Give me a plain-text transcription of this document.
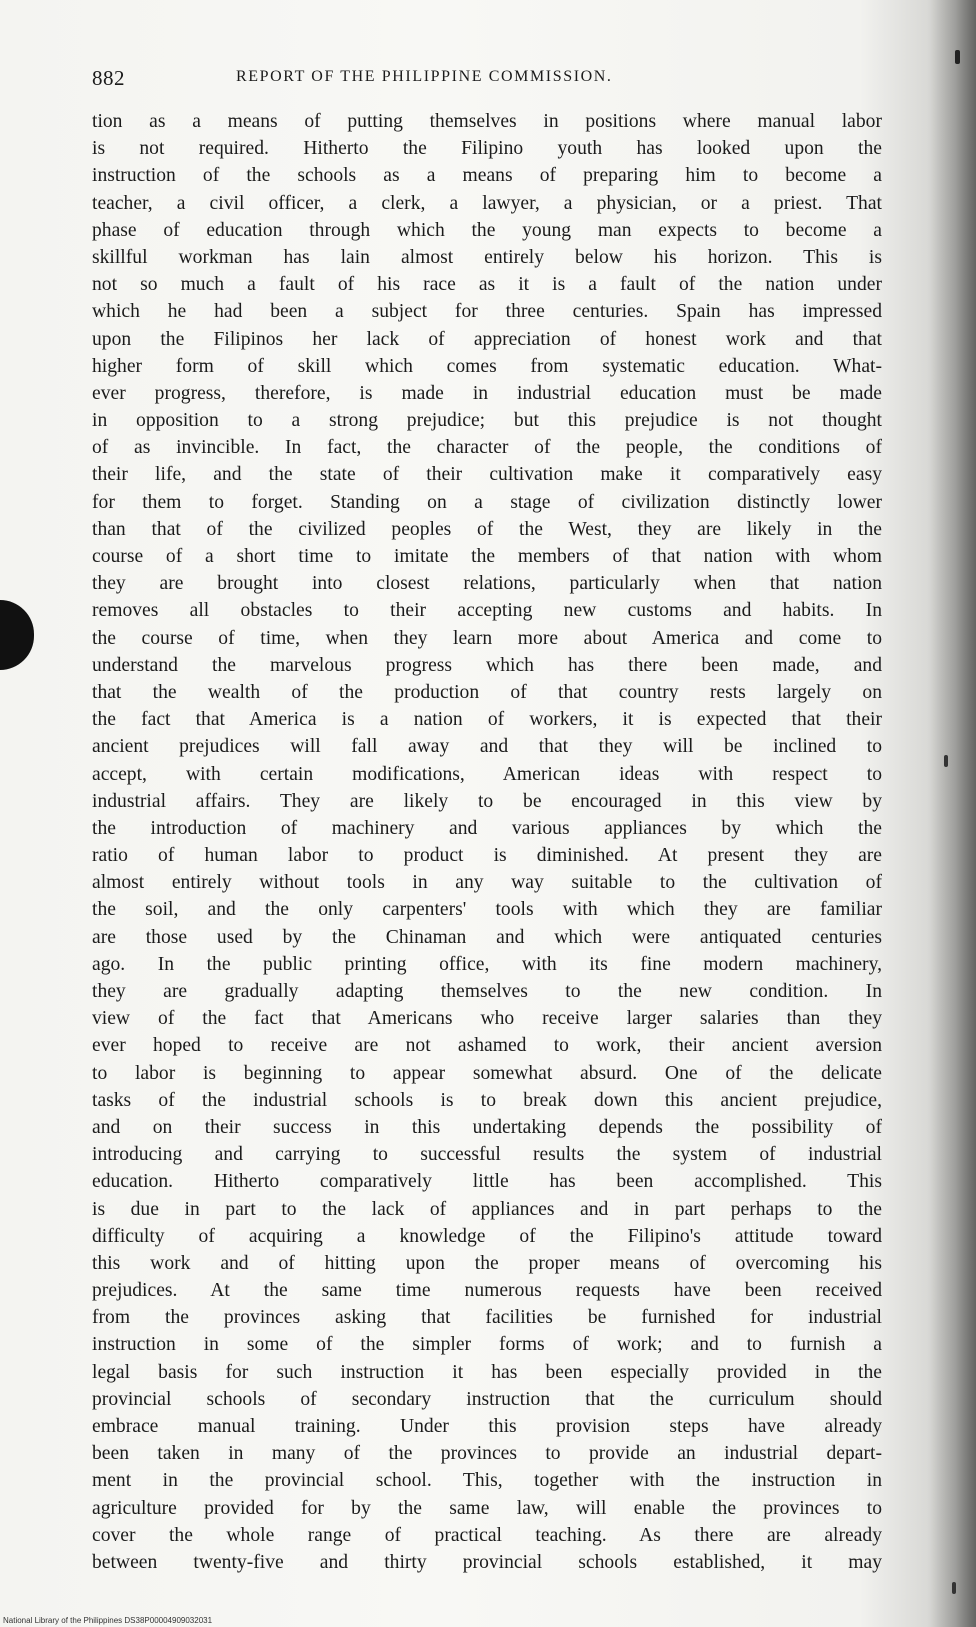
882	REPORT OF THE PHILIPPINE COMMISSION.
tion as a means of putting themselves in positions where manual labor
is not required. Hitherto the Filipino youth has looked upon the
instruction of the schools as a means of preparing him to become a
teacher, a civil officer, a clerk, a lawyer, a physician, or a priest. That
phase of education through which the young man expects to become a
skillful workman has lain almost entirely below his horizon. This is
not so much a fault of his race as it is a fault of the nation under
which he had been a subject for three centuries. Spain has impressed
upon the Filipinos her lack of appreciation of honest work and that
higher form of skill which comes from systematic education. What-
ever progress, therefore, is made in industrial education must be made
in opposition to a strong prejudice; but this prejudice is not thought
of as invincible. In fact, the character of the people, the conditions of
their life, and the state of their cultivation make it comparatively easy
for them to forget. Standing on a stage of civilization distinctly lower
than that of the civilized peoples of the West, they are likely in the
course of a short time to imitate the members of that nation with whom
they are brought into closest relations, particularly when that nation
removes all obstacles to their accepting new customs and habits. In
the course of time, when they learn more about America and come to
understand the marvelous progress which has there been made, and
that the wealth of the production of that country rests largely on
the fact that America is a nation of workers, it is expected that their
ancient prejudices will fall away and that they will be inclined to
accept, with certain modifications, American ideas with respect to
industrial affairs. They are likely to be encouraged in this view by
the introduction of machinery and various appliances by which the
ratio of human labor to product is diminished. At present they are
almost entirely without tools in any way suitable to the cultivation of
the soil, and the only carpenters' tools with which they are familiar
are those used by the Chinaman and which were antiquated centuries
ago. In the public printing office, with its fine modern machinery,
they are gradually adapting themselves to the new condition. In
view of the fact that Americans who receive larger salaries than they
ever hoped to receive are not ashamed to work, their ancient aversion
to labor is beginning to appear somewhat absurd. One of the delicate
tasks of the industrial schools is to break down this ancient prejudice,
and on their success in this undertaking depends the possibility of
introducing and carrying to successful results the system of industrial
education. Hitherto comparatively little has been accomplished. This
is due in part to the lack of appliances and in part perhaps to the
difficulty of acquiring a knowledge of the Filipino's attitude toward
this work and of hitting upon the proper means of overcoming his
prejudices. At the same time numerous requests have been received
from the provinces asking that facilities be furnished for industrial
instruction in some of the simpler forms of work; and to furnish a
legal basis for such instruction it has been especially provided in the
provincial schools of secondary instruction that the curriculum should
embrace manual training. Under this provision steps have already
been taken in many of the provinces to provide an industrial depart-
ment in the provincial school. This, together with the instruction in
agriculture provided for by the same law, will enable the provinces to
cover the whole range of practical teaching. As there are already
between twenty-five and thirty provincial schools established, it may
National Library of the Philippines DS38P00004909032031
